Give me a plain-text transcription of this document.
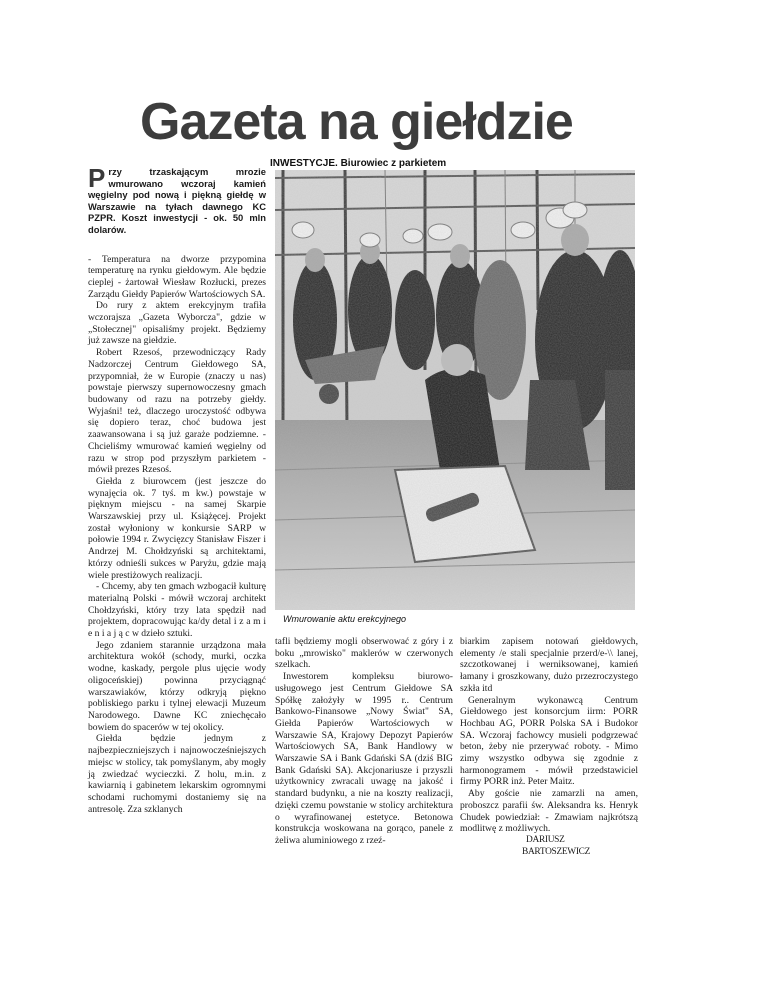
Gazeta na giełdzie
INWESTYCJE. Biurowiec z parkietem
Przy trzaskającym mrozie wmurowano wczoraj kamień węgielny pod nową i piękną giełdę w Warszawie na tyłach dawnego KC PZPR. Koszt inwestycji - ok. 50 mln dolarów.

- Temperatura na dworze przypomina temperaturę na rynku giełdowym. Ale będzie cieplej - żartował Wiesław Rozłucki, prezes Zarządu Giełdy Papierów Wartościowych SA.

Do rury z aktem erekcyjnym trafiła wczorajsza „Gazeta Wyborcza", gdzie w „Stołecznej" opisaliśmy projekt. Będziemy już zawsze na giełdzie.

Robert Rzesoś, przewodniczący Rady Nadzorczej Centrum Giełdowego SA, przypomniał, że w Europie (znaczy u nas) powstaje pierwszy supernowoczesny gmach budowany od razu na potrzeby giełdy. Wyjaśni! też, dlaczego uroczystość odbywa się dopiero teraz, choć budowa jest zaawansowana i są już garaże podziemne. - Chcieliśmy wmurować kamień węgielny od razu w strop pod przyszłym parkietem - mówił prezes Rzesoś.

Giełda z biurowcem (jest jeszcze do wynajęcia ok. 7 tyś. m kw.) powstaje w pięknym miejscu - na samej Skarpie Warszawskiej przy ul. Książęcej. Projekt został wyłoniony w konkursie SARP w połowie 1994 r. Zwycięzcy Stanisław Fiszer i Andrzej M. Chołdzyński są architektami, którzy odnieśli sukces w Paryżu, gdzie mają wiele prestiżowych realizacji.

- Chcemy, aby ten gmach wzbogacił kulturę materialną Polski - mówił wczoraj architekt Chołdzyński, który trzy lata spędził nad projektem, dopracowując ka/dy detal i z a m i e n i a j ą c w dzieło sztuki.

Jego zdaniem starannie urządzona mała architektura wokół (schody, murki, oczka wodne, kaskady, pergole plus ujęcie wody oligoceńskiej) powinna przyciągnąć warszawiaków, którzy odkryją piękno pobliskiego parku i tylnej elewacji Muzeum Narodowego. Dawne KC zniechęcało bowiem do spacerów w tej okolicy.

Giełda będzie jednym z najbezpieczniejszych i najnowocześniejszych miejsc w stolicy, tak pomyślanym, aby mogły ją zwiedzać wycieczki. Z holu, m.in. z kawiarnią i gabinetem lekarskim ogromnymi schodami ruchomymi dostaniemy się na antresolę. Zza szklanych

Wmurowanie aktu erekcyjnego

tafli będziemy mogli obserwować z góry i z boku „mrowisko" maklerów w czerwonych szelkach.

Inwestorem kompleksu biurowo-usługowego jest Centrum Giełdowe SA Spółkę założyły w 1995 r.. Centrum Bankowo-Finansowe „Nowy Świat" SA, Giełda Papierów Wartościowych w Warszawie SA, Krajowy Depozyt Papierów Wartościowych SA, Bank Handlowy w Warszawie SA i Bank Gdański SA (dziś BIG Bank Gdański SA). Akcjonariusze i przyszli użytkownicy zwracali uwagę na jakość i standard budynku, a nie na koszty realizacji, dzięki czemu powstanie w stolicy architektura o wyrafinowanej estetyce. Betonowa konstrukcja woskowana na gorąco, panele z żeliwa aluminiowego z rzeź-

biarkim zapisem notowań giełdowych, elementy /e stali specjalnie przerd/e-\\ lanej, szczotkowanej i werniksowanej, kamień łamany i groszkowany, dużo przezroczystego szkła itd

Generalnym wykonawcą Centrum Giełdowego jest konsorcjum iirm: PORR Hochbau AG, PORR Polska SA i Budokor SA. Wczoraj fachowcy musieli podgrzewać beton, żeby nie przerywać roboty. - Mimo zimy wszystko odbywa się zgodnie z harmonogramem - mówił przedstawiciel firmy PORR inż. Peter Maitz.

Aby goście nie zamarzli na amen, proboszcz parafii św. Aleksandra ks. Henryk Chudek powiedział: - Zmawiam najkrótszą modlitwę z możliwych.

DARIUSZ

BARTOSZEWICZ
